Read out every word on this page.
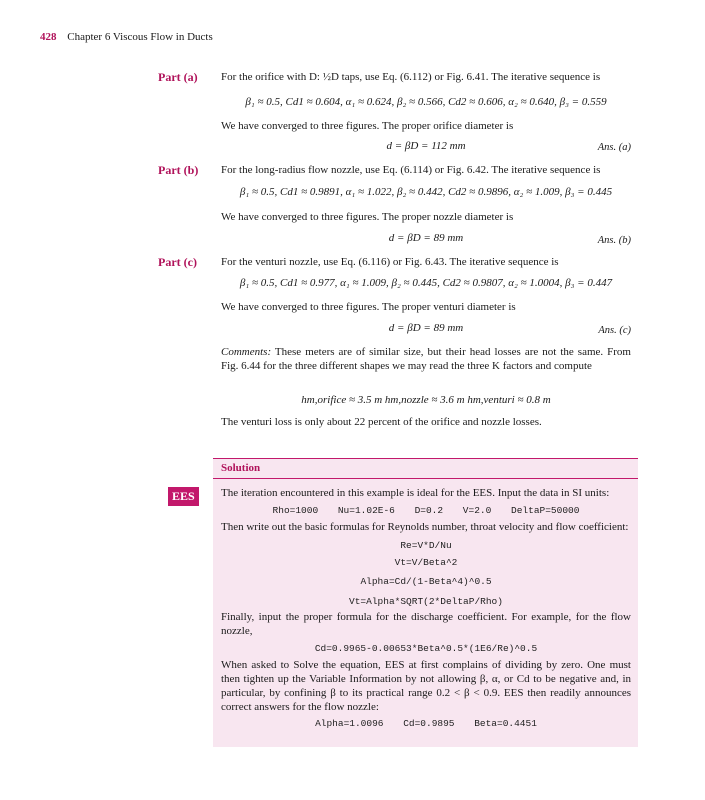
428 Chapter 6 Viscous Flow in Ducts
Part (a) For the orifice with D: ½D taps, use Eq. (6.112) or Fig. 6.41. The iterative sequence is
β₁ ≈ 0.5, Cd1 ≈ 0.604, α₁ ≈ 0.624, β₂ ≈ 0.566, Cd2 ≈ 0.606, α₂ ≈ 0.640, β₃ = 0.559
We have converged to three figures. The proper orifice diameter is
d = βD = 112 mm	Ans. (a)
Part (b) For the long-radius flow nozzle, use Eq. (6.114) or Fig. 6.42. The iterative sequence is
β₁ ≈ 0.5, Cd1 ≈ 0.9891, α₁ ≈ 1.022, β₂ ≈ 0.442, Cd2 ≈ 0.9896, α₂ ≈ 1.009, β₃ = 0.445
We have converged to three figures. The proper nozzle diameter is
d = βD = 89 mm	Ans. (b)
Part (c) For the venturi nozzle, use Eq. (6.116) or Fig. 6.43. The iterative sequence is
β₁ ≈ 0.5, Cd1 ≈ 0.977, α₁ ≈ 1.009, β₂ ≈ 0.445, Cd2 ≈ 0.9807, α₂ ≈ 1.0004, β₃ = 0.447
We have converged to three figures. The proper venturi diameter is
d = βD = 89 mm	Ans. (c)
Comments: These meters are of similar size, but their head losses are not the same. From Fig. 6.44 for the three different shapes we may read the three K factors and compute
hm,orifice ≈ 3.5 m hm,nozzle ≈ 3.6 m hm,venturi ≈ 0.8 m
The venturi loss is only about 22 percent of the orifice and nozzle losses.
Solution
EES	The iteration encountered in this example is ideal for the EES. Input the data in SI units:
Rho=1000 Nu=1.02E-6 D=0.2 V=2.0 DeltaP=50000
Then write out the basic formulas for Reynolds number, throat velocity and flow coefficient:
Re=V*D/Nu
Vt=V/Beta^2
Alpha=Cd/(1-Beta^4)^0.5
Vt=Alpha*SQRT(2*DeltaP/Rho)
Finally, input the proper formula for the discharge coefficient. For example, for the flow nozzle,
Cd=0.9965-0.00653*Beta^0.5*(1E6/Re)^0.5
When asked to Solve the equation, EES at first complains of dividing by zero. One must then tighten up the Variable Information by not allowing β, α, or Cd to be negative and, in particular, by confining β to its practical range 0.2 < β < 0.9. EES then readily announces correct answers for the flow nozzle:
Alpha=1.0096 Cd=0.9895 Beta=0.4451
